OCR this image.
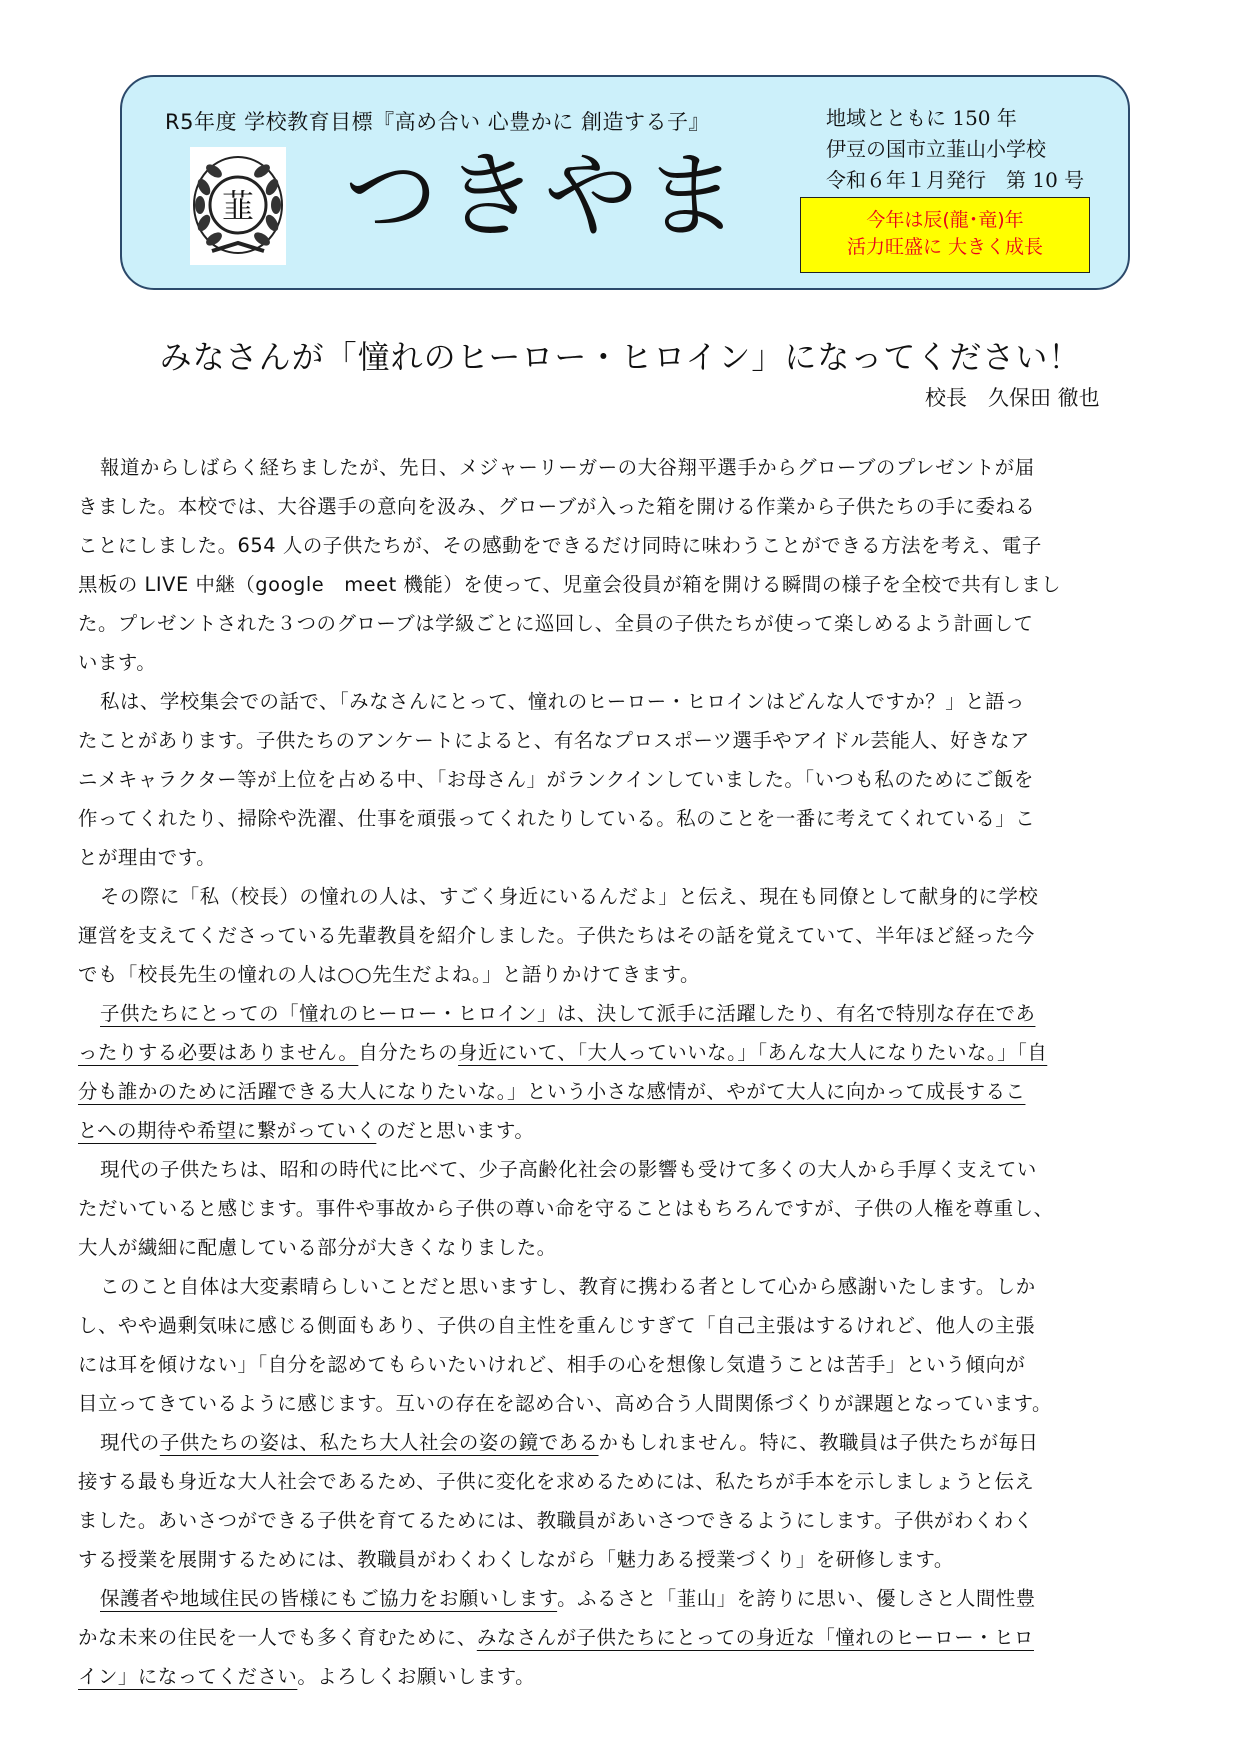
R5年度 学校教育目標『高め合い 心豊かに 創造する子』
韮 つきやま
地域とともに 150 年
伊豆の国市立韮山小学校
令和６年１月発行　第 10 号
今年は辰(龍･竜)年
活力旺盛に 大きく成長
みなさんが「憧れのヒーロー・ヒロイン」になってください！
校長　久保田 徹也
報道からしばらく経ちましたが、先日、メジャーリーガーの大谷翔平選手からグローブのプレゼントが届
きました。本校では、大谷選手の意向を汲み、グローブが入った箱を開ける作業から子供たちの手に委ねる
ことにしました。654 人の子供たちが、その感動をできるだけ同時に味わうことができる方法を考え、電子
黒板の LIVE 中継（google　meet 機能）を使って、児童会役員が箱を開ける瞬間の様子を全校で共有しまし
た。プレゼントされた３つのグローブは学級ごとに巡回し、全員の子供たちが使って楽しめるよう計画して
います。
私は、学校集会での話で、「みなさんにとって、憧れのヒーロー・ヒロインはどんな人ですか？」と語っ
たことがあります。子供たちのアンケートによると、有名なプロスポーツ選手やアイドル芸能人、好きなア
ニメキャラクター等が上位を占める中、「お母さん」がランクインしていました。「いつも私のためにご飯を
作ってくれたり、掃除や洗濯、仕事を頑張ってくれたりしている。私のことを一番に考えてくれている」こ
とが理由です。
その際に「私（校長）の憧れの人は、すごく身近にいるんだよ」と伝え、現在も同僚として献身的に学校
運営を支えてくださっている先輩教員を紹介しました。子供たちはその話を覚えていて、半年ほど経った今
でも「校長先生の憧れの人は○○先生だよね。」と語りかけてきます。
子供たちにとっての「憧れのヒーロー・ヒロイン」は、決して派手に活躍したり、有名で特別な存在であ
ったりする必要はありません。自分たちの身近にいて、「大人っていいな。」「あんな大人になりたいな。」「自
分も誰かのために活躍できる大人になりたいな。」という小さな感情が、やがて大人に向かって成長するこ
とへの期待や希望に繋がっていくのだと思います。
現代の子供たちは、昭和の時代に比べて、少子高齢化社会の影響も受けて多くの大人から手厚く支えてい
ただいていると感じます。事件や事故から子供の尊い命を守ることはもちろんですが、子供の人権を尊重し、
大人が繊細に配慮している部分が大きくなりました。
このこと自体は大変素晴らしいことだと思いますし、教育に携わる者として心から感謝いたします。しか
し、やや過剰気味に感じる側面もあり、子供の自主性を重んじすぎて「自己主張はするけれど、他人の主張
には耳を傾けない」「自分を認めてもらいたいけれど、相手の心を想像し気遣うことは苦手」という傾向が
目立ってきているように感じます。互いの存在を認め合い、高め合う人間関係づくりが課題となっています。
現代の子供たちの姿は、私たち大人社会の姿の鏡であるかもしれません。特に、教職員は子供たちが毎日
接する最も身近な大人社会であるため、子供に変化を求めるためには、私たちが手本を示しましょうと伝え
ました。あいさつができる子供を育てるためには、教職員があいさつできるようにします。子供がわくわく
する授業を展開するためには、教職員がわくわくしながら「魅力ある授業づくり」を研修します。
保護者や地域住民の皆様にもご協力をお願いします。ふるさと「韮山」を誇りに思い、優しさと人間性豊
かな未来の住民を一人でも多く育むために、みなさんが子供たちにとっての身近な「憧れのヒーロー・ヒロ
イン」になってください。よろしくお願いします。
